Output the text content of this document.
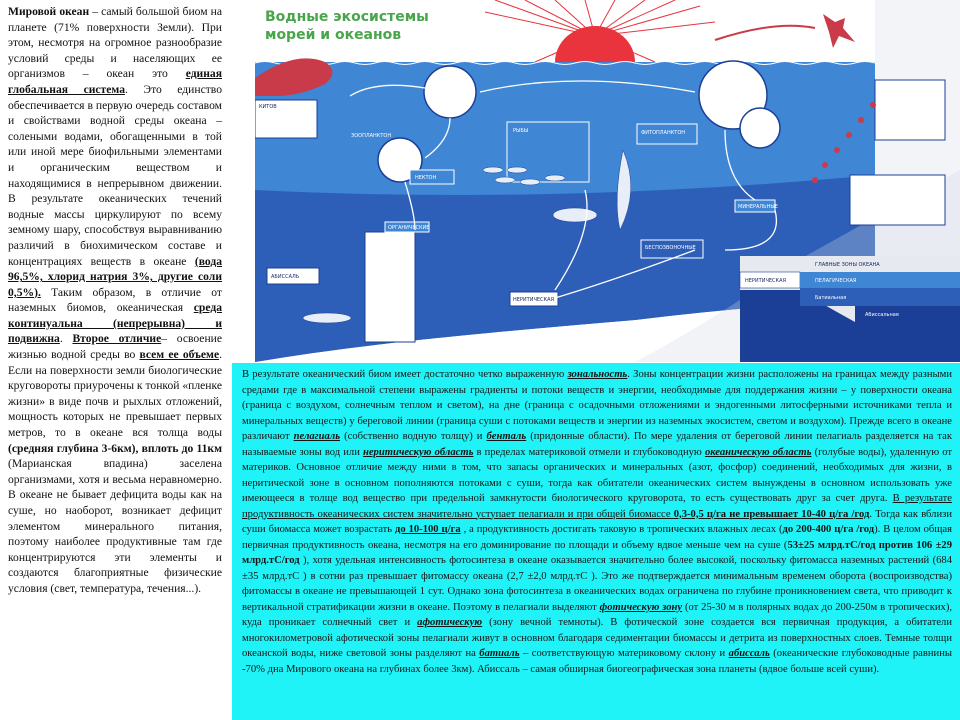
Мировой океан – самый большой биом на планете (71% поверхности Земли). При этом, несмотря на огромное разнообразие условий среды и населяющих ее организмов – океан это единая глобальная система. Это единство обеспечивается в первую очередь составом и свойствами водной среды океана – солеными водами, обогащенными в той или иной мере биофильными элементами и органическим веществом и находящимися в непрерывном движении. В результате океанических течений водные массы циркулируют по всему земному шару, способствуя выравниванию различий в биохимическом составе и концентрациях веществ в океане (вода 96,5%, хлорид натрия 3%, другие соли 0,5%). Таким образом, в отличие от наземных биомов, океаническая среда континуальна (непрерывна) и подвижна. Второе отличие– освоение жизнью водной среды во всем ее объеме. Если на поверхности земли биологические круговороты приурочены к тонкой «пленке жизни» в виде почв и рыхлых отложений, мощность которых не превышает первых метров, то в океане вся толща воды (средняя глубина 3-6км), вплоть до 11км (Марианская впадина) заселена организмами, хотя и весьма неравномерно. В океане не бывает дефицита воды как на суше, но наоборот, возникает дефицит элементом минерального питания, поэтому наиболее продуктивные там где концентрируются эти элементы и создаются благоприятные физические условия (свет, температура, течения...).

ЗООПЛАНКТОН	ФИТОПЛАНКТОН
НЕКТОН
ОРГАНИЧЕСКИЕ
МИНЕРАЛЬНЫЕ
БЕСПОЗВОНОЧНЫЕ
НЕРИТИЧЕСКАЯ
АБИССАЛЬ
РЫБЫ
КИТОВ
ГЛАВНЫЕ ЗОНЫ ОКЕАНА
НЕРИТИЧЕСКАЯ	ПЕЛАГИЧЕСКАЯ
Батиальная
Абиссальная
Водные экосистемы морей и океанов

В результате океанический биом имеет достаточно четко выраженную зональность. Зоны концентрации жизни расположены на границах между разными средами где в максимальной степени выражены градиенты и потоки веществ и энергии, необходимые для поддержания жизни – у поверхности океана (граница с воздухом, солнечным теплом и светом), на дне (граница с осадочными отложениями и эндогенными литосферными источниками тепла и минеральных веществ) у береговой линии (граница суши с потоками веществ и энергии из наземных экосистем, светом и воздухом). Прежде всего в океане различают пелагиаль (собственно водную толщу) и бенталь (придонные области). По мере удаления от береговой линии пелагиаль разделяется на так называемые зоны вод или неритическую область в пределах материковой отмели и глубоководную океаническую область (голубые воды), удаленную от материков. Основное отличие между ними в том, что запасы органических и минеральных (азот, фосфор) соединений, необходимых для жизни, в неритической зоне в основном пополняются потоками с суши, тогда как обитатели океанических систем вынуждены в основном использовать уже имеющееся в толще вод вещество при предельной замкнутости биологического круговорота, то есть существовать друг за счет друга. В результате продуктивность океанических систем значительно уступает пелагиали и при общей биомассе 0,3-0,5 ц/га не превышает 10-40 ц/га /год. Тогда как вблизи суши биомасса может возрастать до 10-100 ц/га , а продуктивность достигать таковую в тропических влажных лесах (до 200-400 ц/га /год). В целом общая первичная продуктивность океана, несмотря на его доминирование по площади и объему вдвое меньше чем на суше (53±25 млрд.тС/год против 106 ±29 млрд.тС/год ), хотя удельная интенсивность фотосинтеза в океане оказывается значительно более высокой, поскольку фитомасса наземных растений (684 ±35 млрд.тС ) в сотни раз превышает фитомассу океана (2,7 ±2,0 млрд.тС ). Это же подтверждается минимальным временем оборота (воспроизводства) фитомассы в океане не превышающей 1 сут. Однако зона фотосинтеза в океанических водах ограничена по глубине проникновением света, что приводит к вертикальной стратификации жизни в океане. Поэтому в пелагиали выделяют фотическую зону (от 25-30 м в полярных водах до 200-250м в тропических), куда проникает солнечный свет и афотическую (зону вечной темноты). В фотической зоне создается вся первичная продукция, а обитатели многокилометровой афотической зоны пелагиали живут в основном благодаря седиментации биомассы и детрита из поверхностных слоев. Темные толщи океанской воды, ниже световой зоны разделяют на батиаль – соответствующую материковому склону и абиссаль (океанические глубоководные равнины -70% дна Мирового океана на глубинах более 3км). Абиссаль – самая обширная биогеографическая зона планеты (вдвое больше всей суши).
